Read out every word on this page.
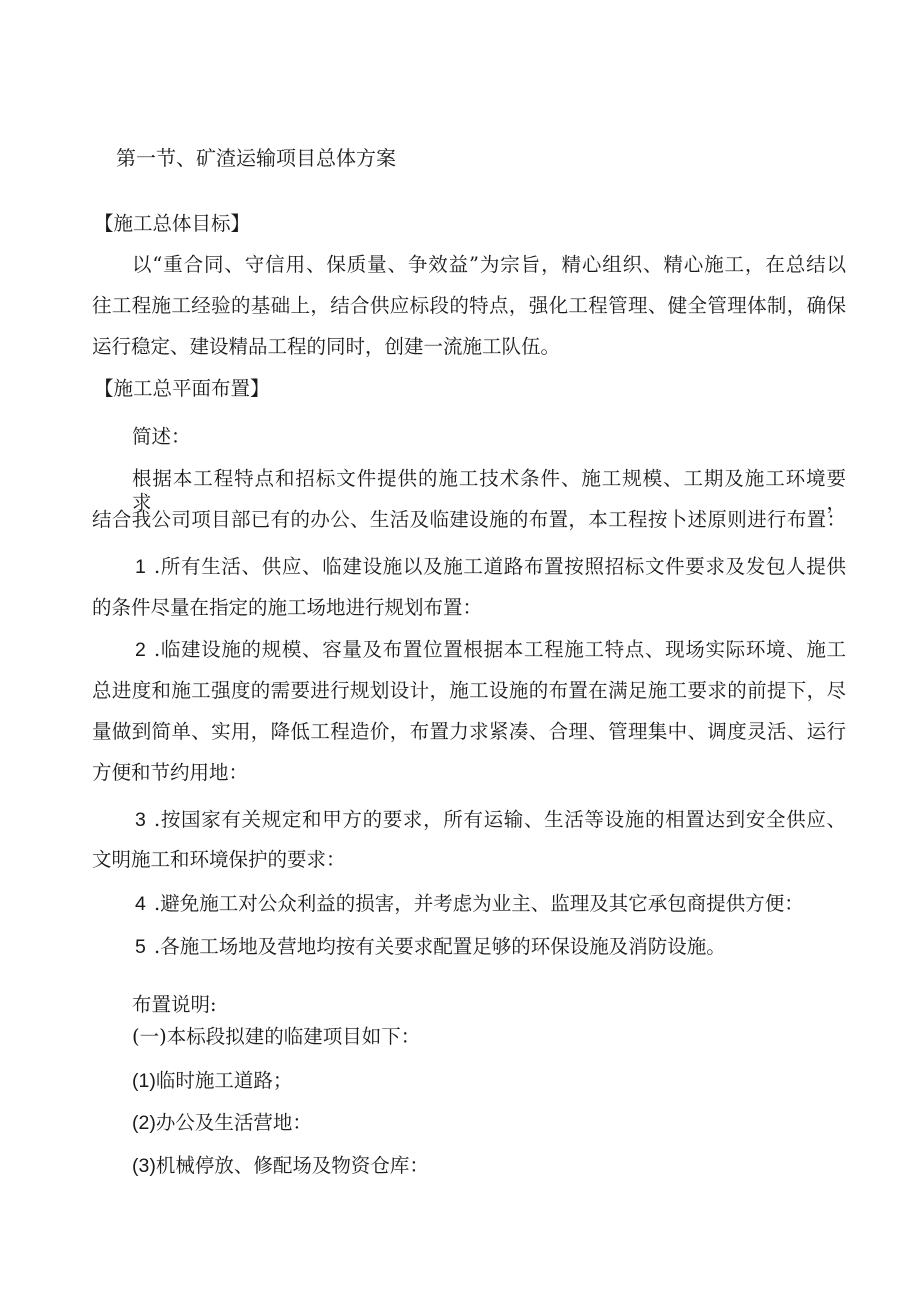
第一节、矿渣运输项目总体方案
【施工总体目标】
以“重合同、守信用、保质量、争效益”为宗旨，精心组织、精心施工，在总结以
往工程施工经验的基础上，结合供应标段的特点，强化工程管理、健全管理体制，确保
运行稳定、建设精品工程的同时，创建一流施工队伍。
【施工总平面布置】
简述：
根据本工程特点和招标文件提供的施工技术条件、施工规模、工期及施工环境要求，
结合我公司项目部已有的办公、生活及临建设施的布置，本工程按卜述原则进行布置：
1 .所有生活、供应、临建设施以及施工道路布置按照招标文件要求及发包人提供
的条件尽量在指定的施工场地进行规划布置：
2 .临建设施的规模、容量及布置位置根据本工程施工特点、现场实际环境、施工
总进度和施工强度的需要进行规划设计，施工设施的布置在满足施工要求的前提下，尽
量做到简单、实用，降低工程造价，布置力求紧凑、合理、管理集中、调度灵活、运行
方便和节约用地：
3 .按国家有关规定和甲方的要求，所有运输、生活等设施的相置达到安全供应、
文明施工和环境保护的要求：
4 .避免施工对公众利益的损害，并考虑为业主、监理及其它承包商提供方便：
5 .各施工场地及营地均按有关要求配置足够的环保设施及消防设施。
布置说明:
(一)本标段拟建的临建项目如下：
(1)临时施工道路；
(2)办公及生活营地：
(3)机械停放、修配场及物资仓库：
